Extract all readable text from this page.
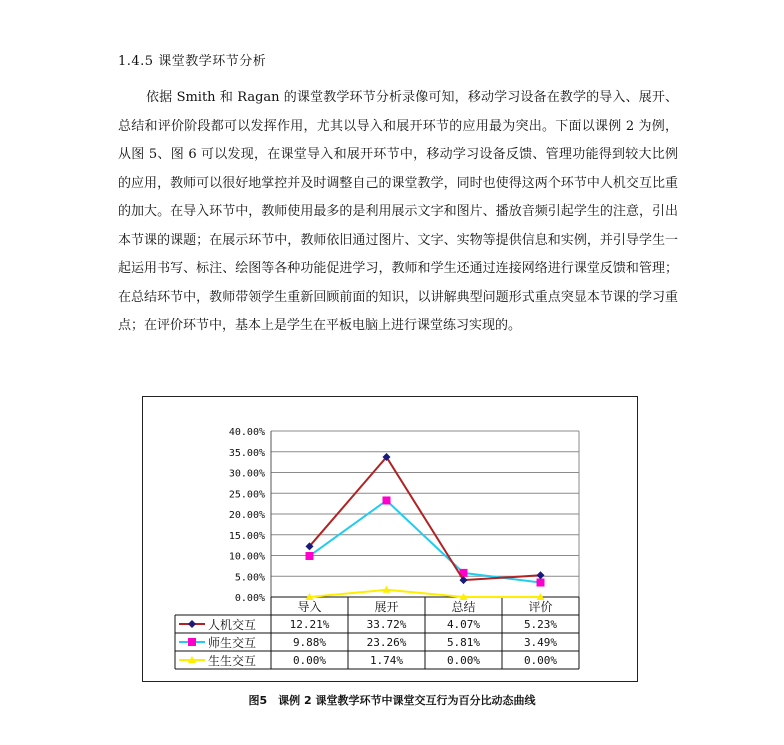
1.4.5 课堂教学环节分析

依据 Smith 和 Ragan 的课堂教学环节分析录像可知，移动学习设备在教学的导入、展开、总结和评价阶段都可以发挥作用，尤其以导入和展开环节的应用最为突出。下面以课例 2 为例，从图 5、图 6 可以发现，在课堂导入和展开环节中，移动学习设备反馈、管理功能得到较大比例的应用，教师可以很好地掌控并及时调整自己的课堂教学，同时也使得这两个环节中人机交互比重的加大。在导入环节中，教师使用最多的是利用展示文字和图片、播放音频引起学生的注意，引出本节课的课题；在展示环节中，教师依旧通过图片、文字、实物等提供信息和实例，并引导学生一起运用书写、标注、绘图等各种功能促进学习，教师和学生还通过连接网络进行课堂反馈和管理；在总结环节中，教师带领学生重新回顾前面的知识，以讲解典型问题形式重点突显本节课的学习重点；在评价环节中，基本上是学生在平板电脑上进行课堂练习实现的。

0.00%
5.00%
10.00%
15.00%
20.00%
25.00%
30.00%
35.00%
40.00%
导入	展开	总结	评价
人机交互	12.21%	33.72%	4.07%	5.23%
师生交互	9.88%	23.26%	5.81%	3.49%
生生交互	0.00%	1.74%	0.00%	0.00%
图5　课例 2 课堂教学环节中课堂交互行为百分比动态曲线
